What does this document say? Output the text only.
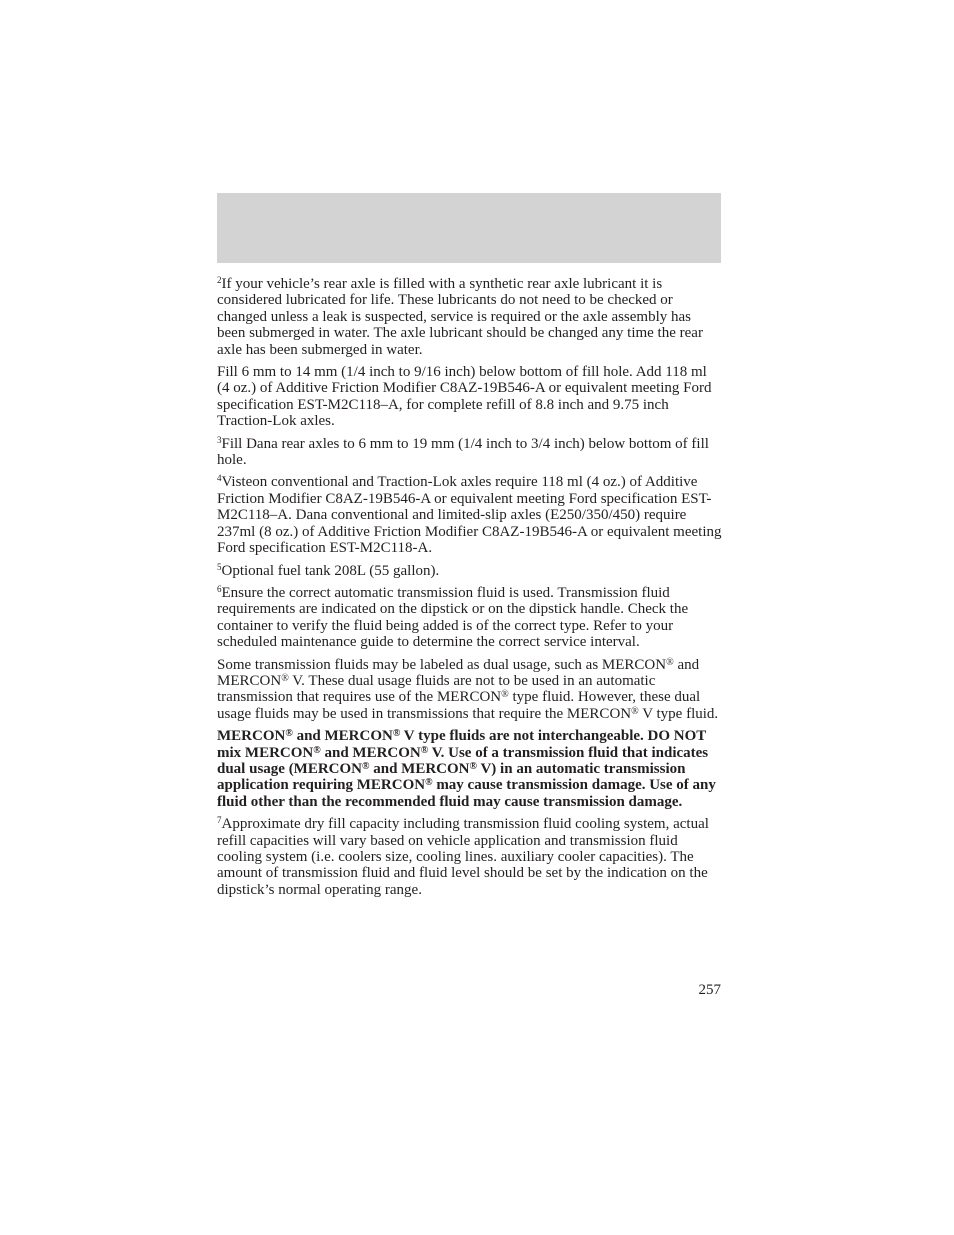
$^2$If your vehicle’s rear axle is filled with a synthetic rear axle lubricant it is considered lubricated for life. These lubricants do not need to be checked or changed unless a leak is suspected, service is required or the axle assembly has been submerged in water. The axle lubricant should be changed any time the rear axle has been submerged in water.

Fill 6 mm to 14 mm (1/4 inch to 9/16 inch) below bottom of fill hole. Add 118 ml (4 oz.) of Additive Friction Modifier C8AZ-19B546-A or equivalent meeting Ford specification EST-M2C118–A, for complete refill of 8.8 inch and 9.75 inch Traction-Lok axles.

$^3$Fill Dana rear axles to 6 mm to 19 mm (1/4 inch to 3/4 inch) below bottom of fill hole.

$^4$Visteon conventional and Traction-Lok axles require 118 ml (4 oz.) of Additive Friction Modifier C8AZ-19B546-A or equivalent meeting Ford specification EST-M2C118–A. Dana conventional and limited-slip axles (E250/350/450) require 237ml (8 oz.) of Additive Friction Modifier C8AZ-19B546-A or equivalent meeting Ford specification EST-M2C118-A.

$^5$Optional fuel tank 208L (55 gallon).

$^6$Ensure the correct automatic transmission fluid is used. Transmission fluid requirements are indicated on the dipstick or on the dipstick handle. Check the container to verify the fluid being added is of the correct type. Refer to your scheduled maintenance guide to determine the correct service interval.

Some transmission fluids may be labeled as dual usage, such as MERCON® and MERCON® V. These dual usage fluids are not to be used in an automatic transmission that requires use of the MERCON® type fluid. However, these dual usage fluids may be used in transmissions that require the MERCON® V type fluid.

MERCON® and MERCON® V type fluids are not interchangeable. DO NOT mix MERCON® and MERCON® V. Use of a transmission fluid that indicates dual usage (MERCON® and MERCON® V) in an automatic transmission application requiring MERCON® may cause transmission damage. Use of any fluid other than the recommended fluid may cause transmission damage.

$^7$Approximate dry fill capacity including transmission fluid cooling system, actual refill capacities will vary based on vehicle application and transmission fluid cooling system (i.e. coolers size, cooling lines. auxiliary cooler capacities). The amount of transmission fluid and fluid level should be set by the indication on the dipstick’s normal operating range.

257
